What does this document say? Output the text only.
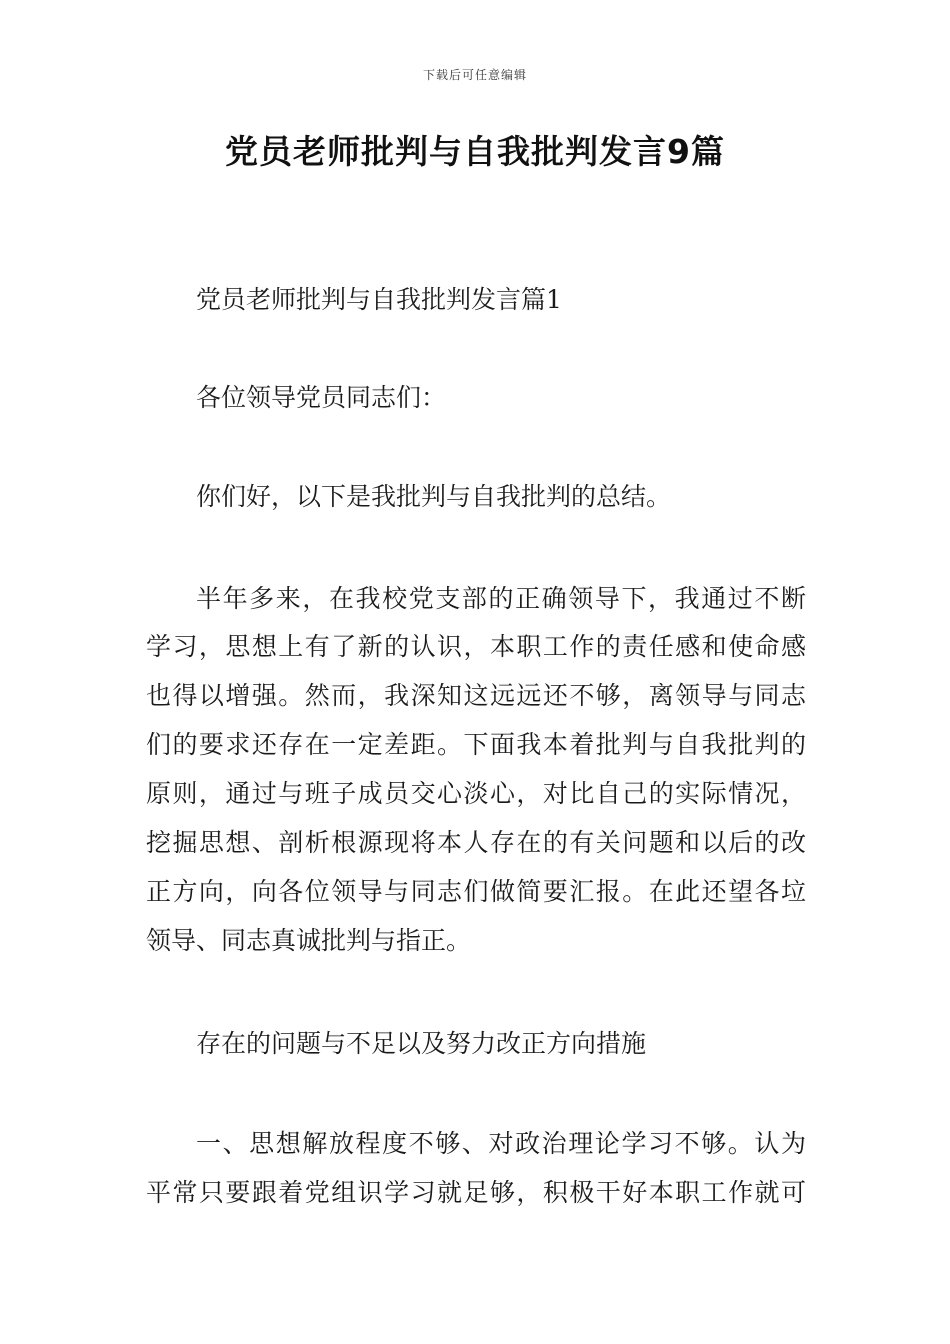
下载后可任意编辑
党员老师批判与自我批判发言9篇

党员老师批判与自我批判发言篇1

各位领导党员同志们：

你们好，以下是我批判与自我批判的总结。

半年多来，在我校党支部的正确领导下，我通过不断

学习，思想上有了新的认识，本职工作的责任感和使命感

也得以增强。然而，我深知这远远还不够，离领导与同志

们的要求还存在一定差距。下面我本着批判与自我批判的

原则，通过与班子成员交心淡心，对比自己的实际情况，

挖掘思想、剖析根源现将本人存在的有关问题和以后的改

正方向，向各位领导与同志们做简要汇报。在此还望各垃

领导、同志真诚批判与指正。

存在的问题与不足以及努力改正方向措施

一、思想解放程度不够、对政治理论学习不够。认为

平常只要跟着党组识学习就足够，积极干好本职工作就可
